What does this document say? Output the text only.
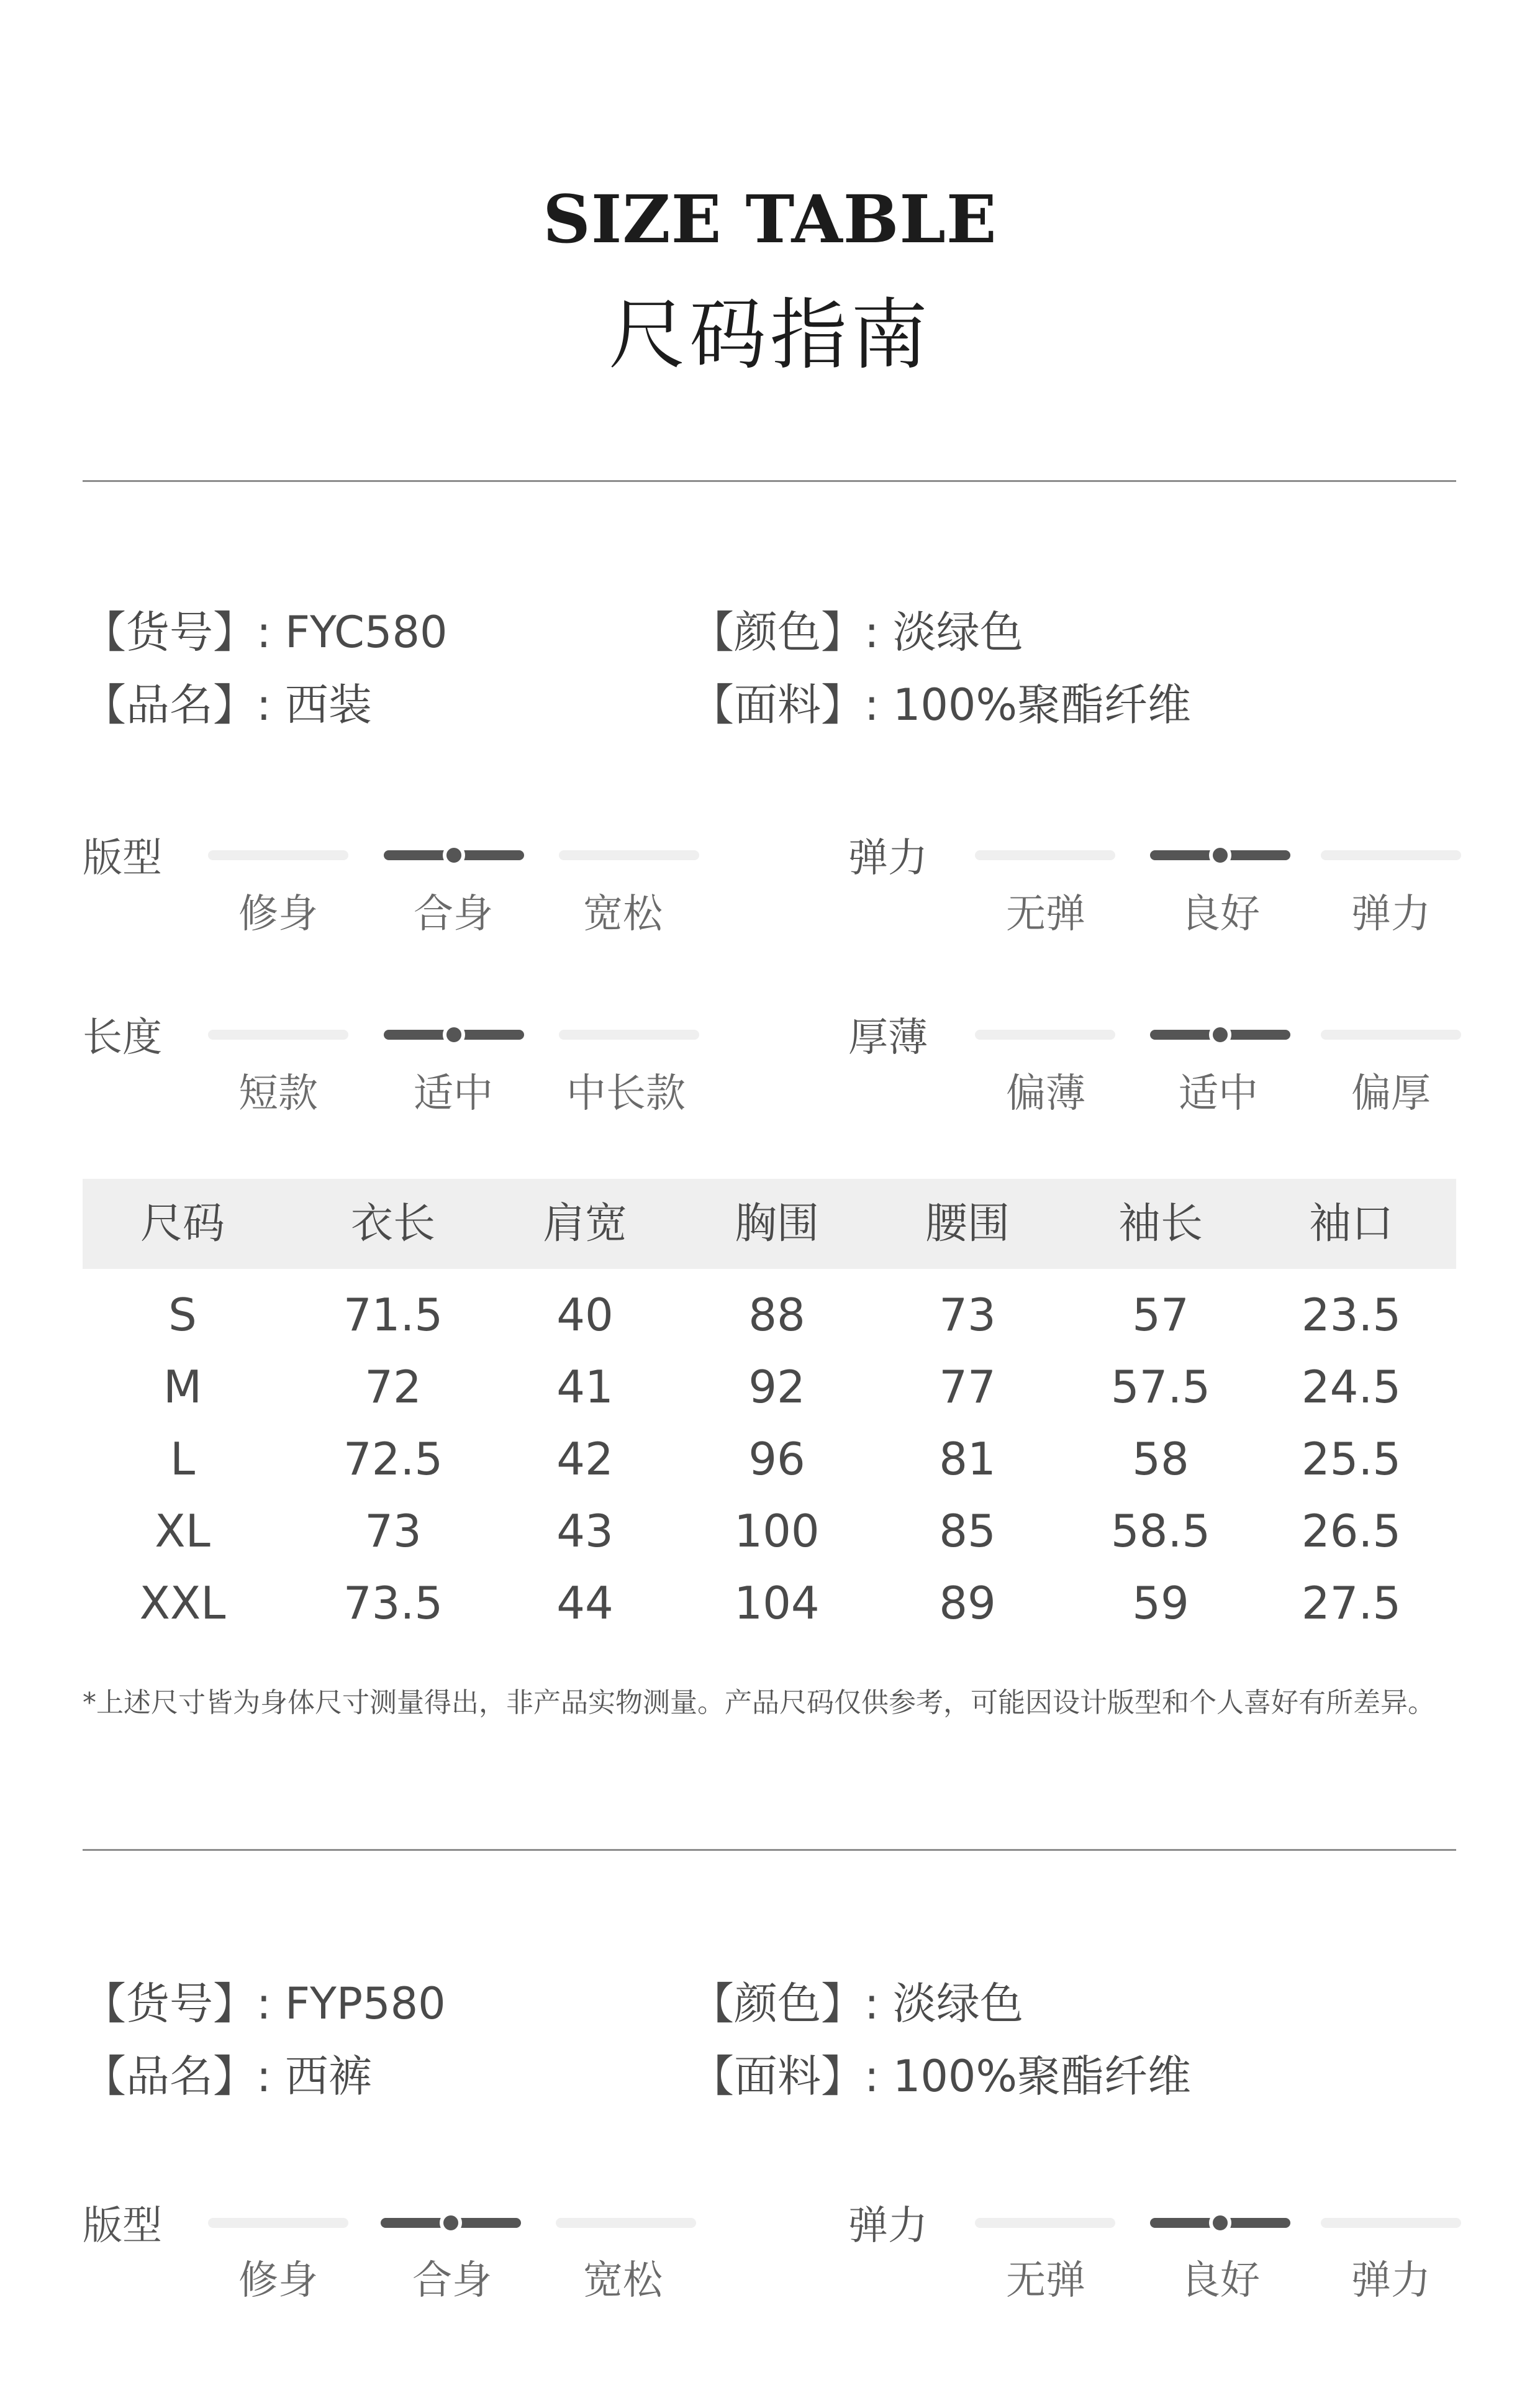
SIZE TABLE
尺码指南
【货号】: FYC580
【品名】: 西装
【颜色】: 淡绿色
【面料】: 100%聚酯纤维
版型
修身	合身	宽松
弹力
无弹	良好	弹力
长度
短款	适中	中长款
厚薄
偏薄	适中	偏厚
尺码	衣长	肩宽	胸围	腰围	袖长	袖口
S	71.5	40	88	73	57	23.5
M	72	41	92	77	57.5	24.5
L	72.5	42	96	81	58	25.5
XL	73	43	100	85	58.5	26.5
XXL	73.5	44	104	89	59	27.5
*上述尺寸皆为身体尺寸测量得出，非产品实物测量。产品尺码仅供参考，可能因设计版型和个人喜好有所差异。
【货号】: FYP580
【品名】: 西裤
【颜色】: 淡绿色
【面料】: 100%聚酯纤维
版型
修身	合身	宽松
弹力
无弹	良好	弹力
